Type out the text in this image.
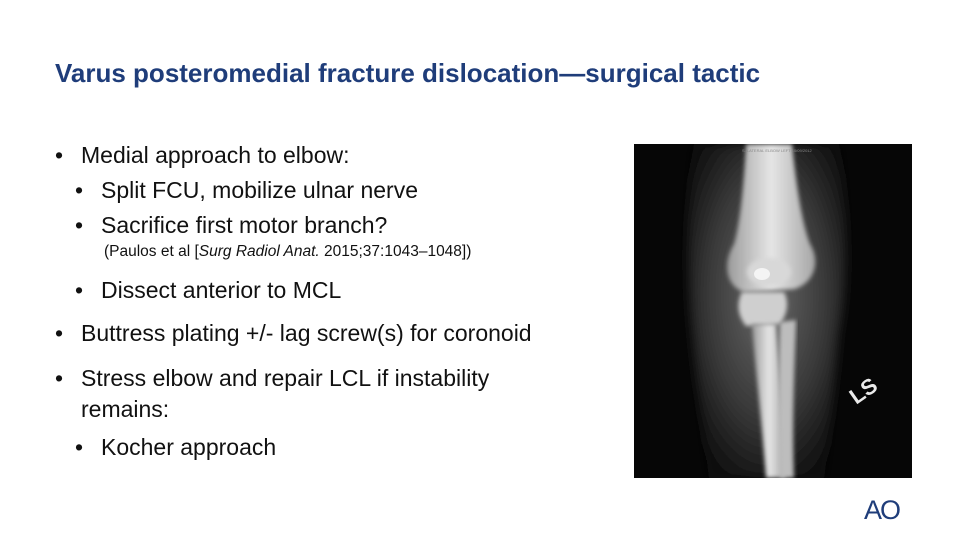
Varus posteromedial fracture dislocation—surgical tactic
• Medial approach to elbow:
• Split FCU, mobilize ulnar nerve
• Sacrifice first motor branch?
(Paulos et al [Surg Radiol Anat. 2015;37:1043–1048])
• Dissect anterior to MCL
• Buttress plating +/- lag screw(s) for coronoid
• Stress elbow and repair LCL if instability
remains:
• Kocher approach
LS
S. LATERAL ELBOW LEFT 10/09/2012
AO
